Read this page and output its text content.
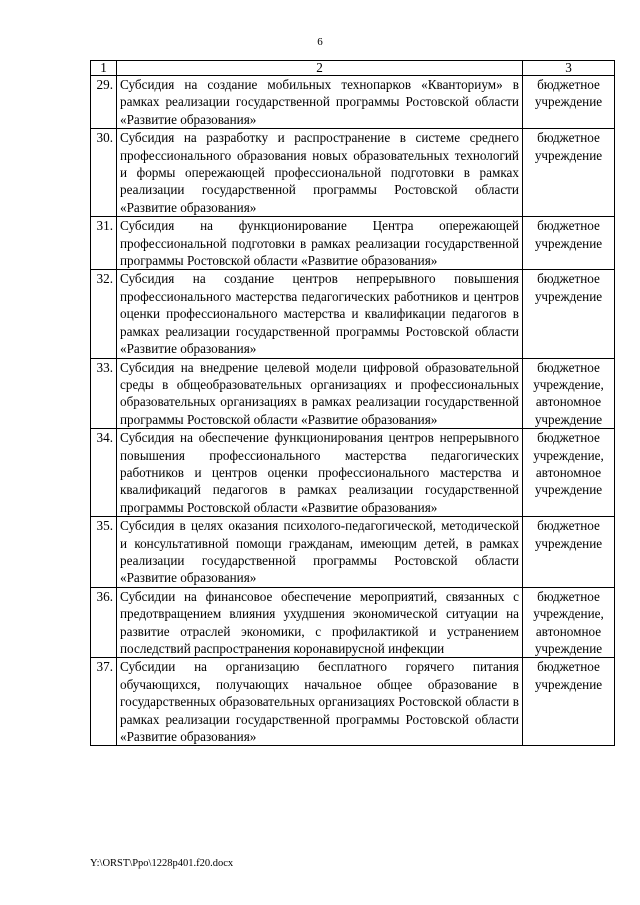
6
1	2	3
29.	Субсидия на создание мобильных технопарков «Кванториум» в рамках реализации государственной программы Ростовской области «Развитие образования»	бюджетное учреждение
30.	Субсидия на разработку и распространение в системе среднего профессионального образования новых образовательных технологий и формы опережающей профессиональной подготовки в рамках реализации государственной программы Ростовской области «Развитие образования»	бюджетное учреждение
31.	Субсидия на функционирование Центра опережающей профессиональной подготовки в рамках реализации государственной программы Ростовской области «Развитие образования»	бюджетное учреждение
32.	Субсидия на создание центров непрерывного повышения профессионального мастерства педагогических работников и центров оценки профессионального мастерства и квалификации педагогов в рамках реализации государственной программы Ростовской области «Развитие образования»	бюджетное учреждение
33.	Субсидия на внедрение целевой модели цифровой образовательной среды в общеобразовательных организациях и профессиональных образовательных организациях в рамках реализации государственной программы Ростовской области «Развитие образования»	бюджетное учреждение, автономное учреждение
34.	Субсидия на обеспечение функционирования центров непрерывного повышения профессионального мастерства педагогических работников и центров оценки профессионального мастерства и квалификаций педагогов в рамках реализации государственной программы Ростовской области «Развитие образования»	бюджетное учреждение, автономное учреждение
35.	Субсидия в целях оказания психолого-педагогической, методической и консультативной помощи гражданам, имеющим детей, в рамках реализации государственной программы Ростовской области «Развитие образования»	бюджетное учреждение
36.	Субсидии на финансовое обеспечение мероприятий, связанных с предотвращением влияния ухудшения экономической ситуации на развитие отраслей экономики, с профилактикой и устранением последствий распространения коронавирусной инфекции	бюджетное учреждение, автономное учреждение
37.	Субсидии на организацию бесплатного горячего питания обучающихся, получающих начальное общее образование в государственных образовательных организациях Ростовской области в рамках реализации государственной программы Ростовской области «Развитие образования»	бюджетное учреждение
Y:\ORST\Ppo\1228p401.f20.docx
